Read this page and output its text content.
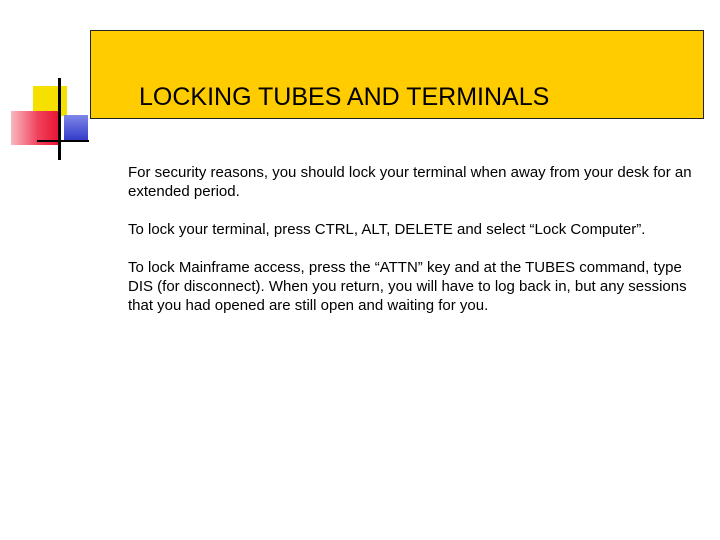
LOCKING TUBES AND TERMINALS

For security reasons, you should lock your terminal when away from your desk for an extended period.

To lock your terminal, press CTRL, ALT, DELETE and select “Lock Computer”.

To lock Mainframe access, press the “ATTN” key and at the TUBES command, type DIS (for disconnect). When you return, you will have to log back in, but any sessions that you had opened are still open and waiting for you.
